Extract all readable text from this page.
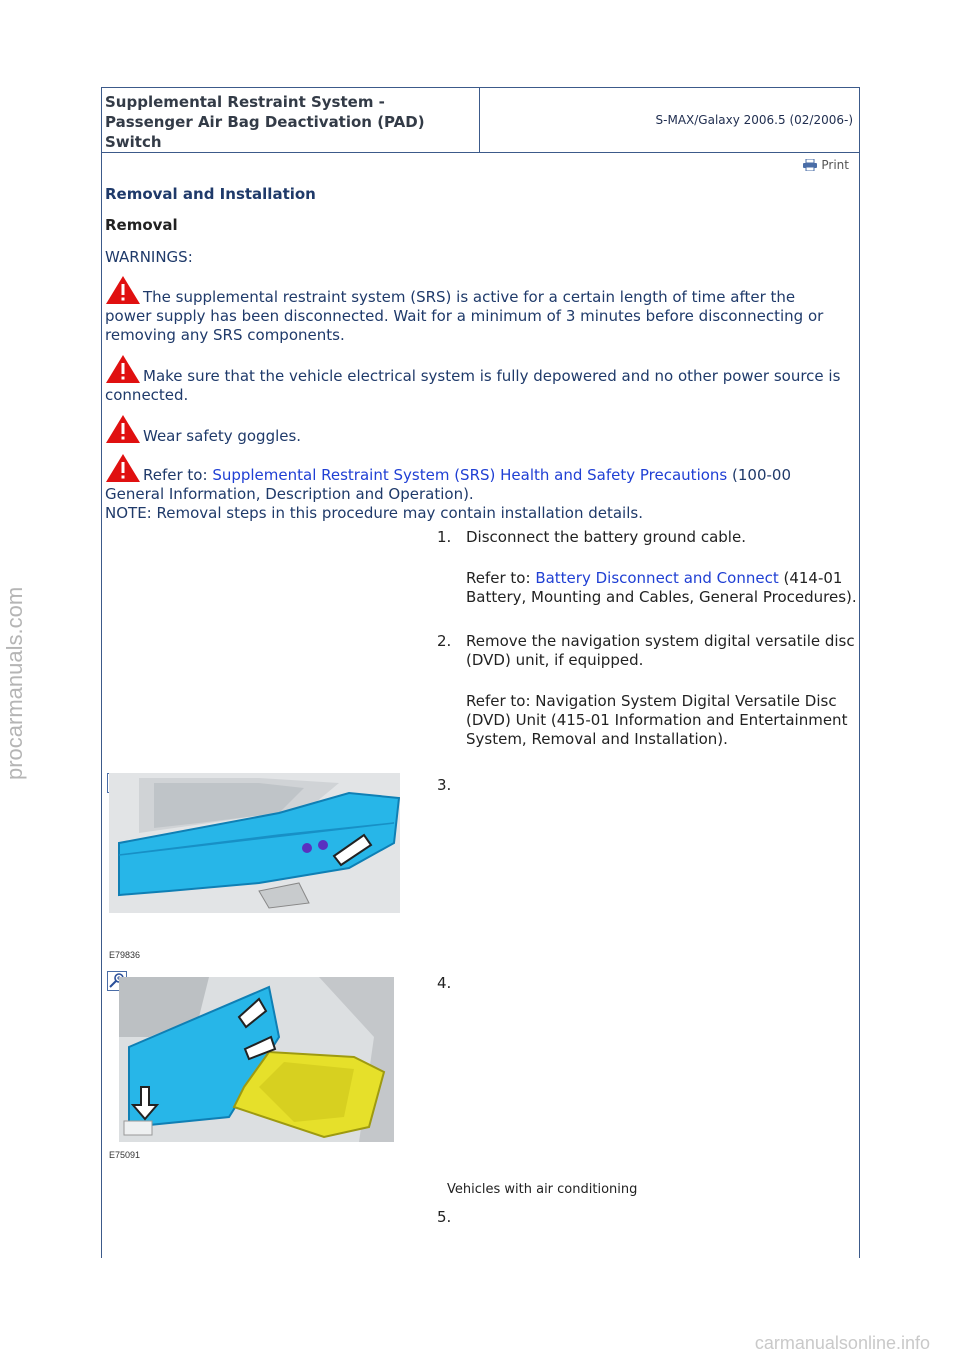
Supplemental Restraint System - Passenger Air Bag Deactivation (PAD) Switch
S-MAX/Galaxy 2006.5 (02/2006-)
Print
Removal and Installation
Removal
WARNINGS:
The supplemental restraint system (SRS) is active for a certain length of time after the power supply has been disconnected. Wait for a minimum of 3 minutes before disconnecting or removing any SRS components.
Make sure that the vehicle electrical system is fully depowered and no other power source is connected.
Wear safety goggles.
Refer to: Supplemental Restraint System (SRS) Health and Safety Precautions (100-00 General Information, Description and Operation).
NOTE: Removal steps in this procedure may contain installation details.
1. Disconnect the battery ground cable.
Refer to: Battery Disconnect and Connect (414-01 Battery, Mounting and Cables, General Procedures).
2. Remove the navigation system digital versatile disc (DVD) unit, if equipped.
Refer to: Navigation System Digital Versatile Disc (DVD) Unit (415-01 Information and Entertainment System, Removal and Installation).
3.
E79836
4.
E75091
Vehicles with air conditioning
5.
procarmanuals.com
carmanualsonline.info
